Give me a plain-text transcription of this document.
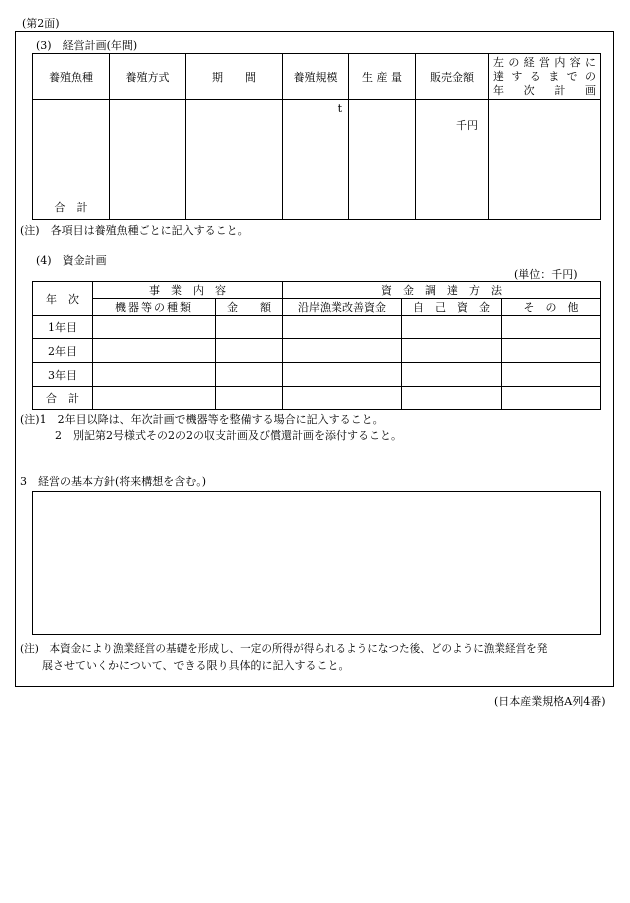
(第2面)
(3)　経営計画(年間)
養殖魚種	養殖方式	期　　間	養殖規模	生 産 量	販売金額	左の経営内容に
達するまでの
年　次　計　画

合　計			t		千円	
(注)　各項目は養殖魚種ごとに記入すること。
(4)　資金計画
(単位：千円)
年　次	事　業　内　容		資　金　調　達　方　法		
	機器等の種類	金　　額	沿岸漁業改善資金	自　己　資　金	そ　の　他
1年目					
2年目					
3年目					
合　計					
(注)1　2年目以降は、年次計画で機器等を整備する場合に記入すること。
2　別記第2号様式その2の2の収支計画及び償還計画を添付すること。
3　経営の基本方針(将来構想を含む。)
(注)　本資金により漁業経営の基礎を形成し、一定の所得が得られるようになつた後、どのように漁業経営を発
展させていくかについて、できる限り具体的に記入すること。
(日本産業規格A列4番)
